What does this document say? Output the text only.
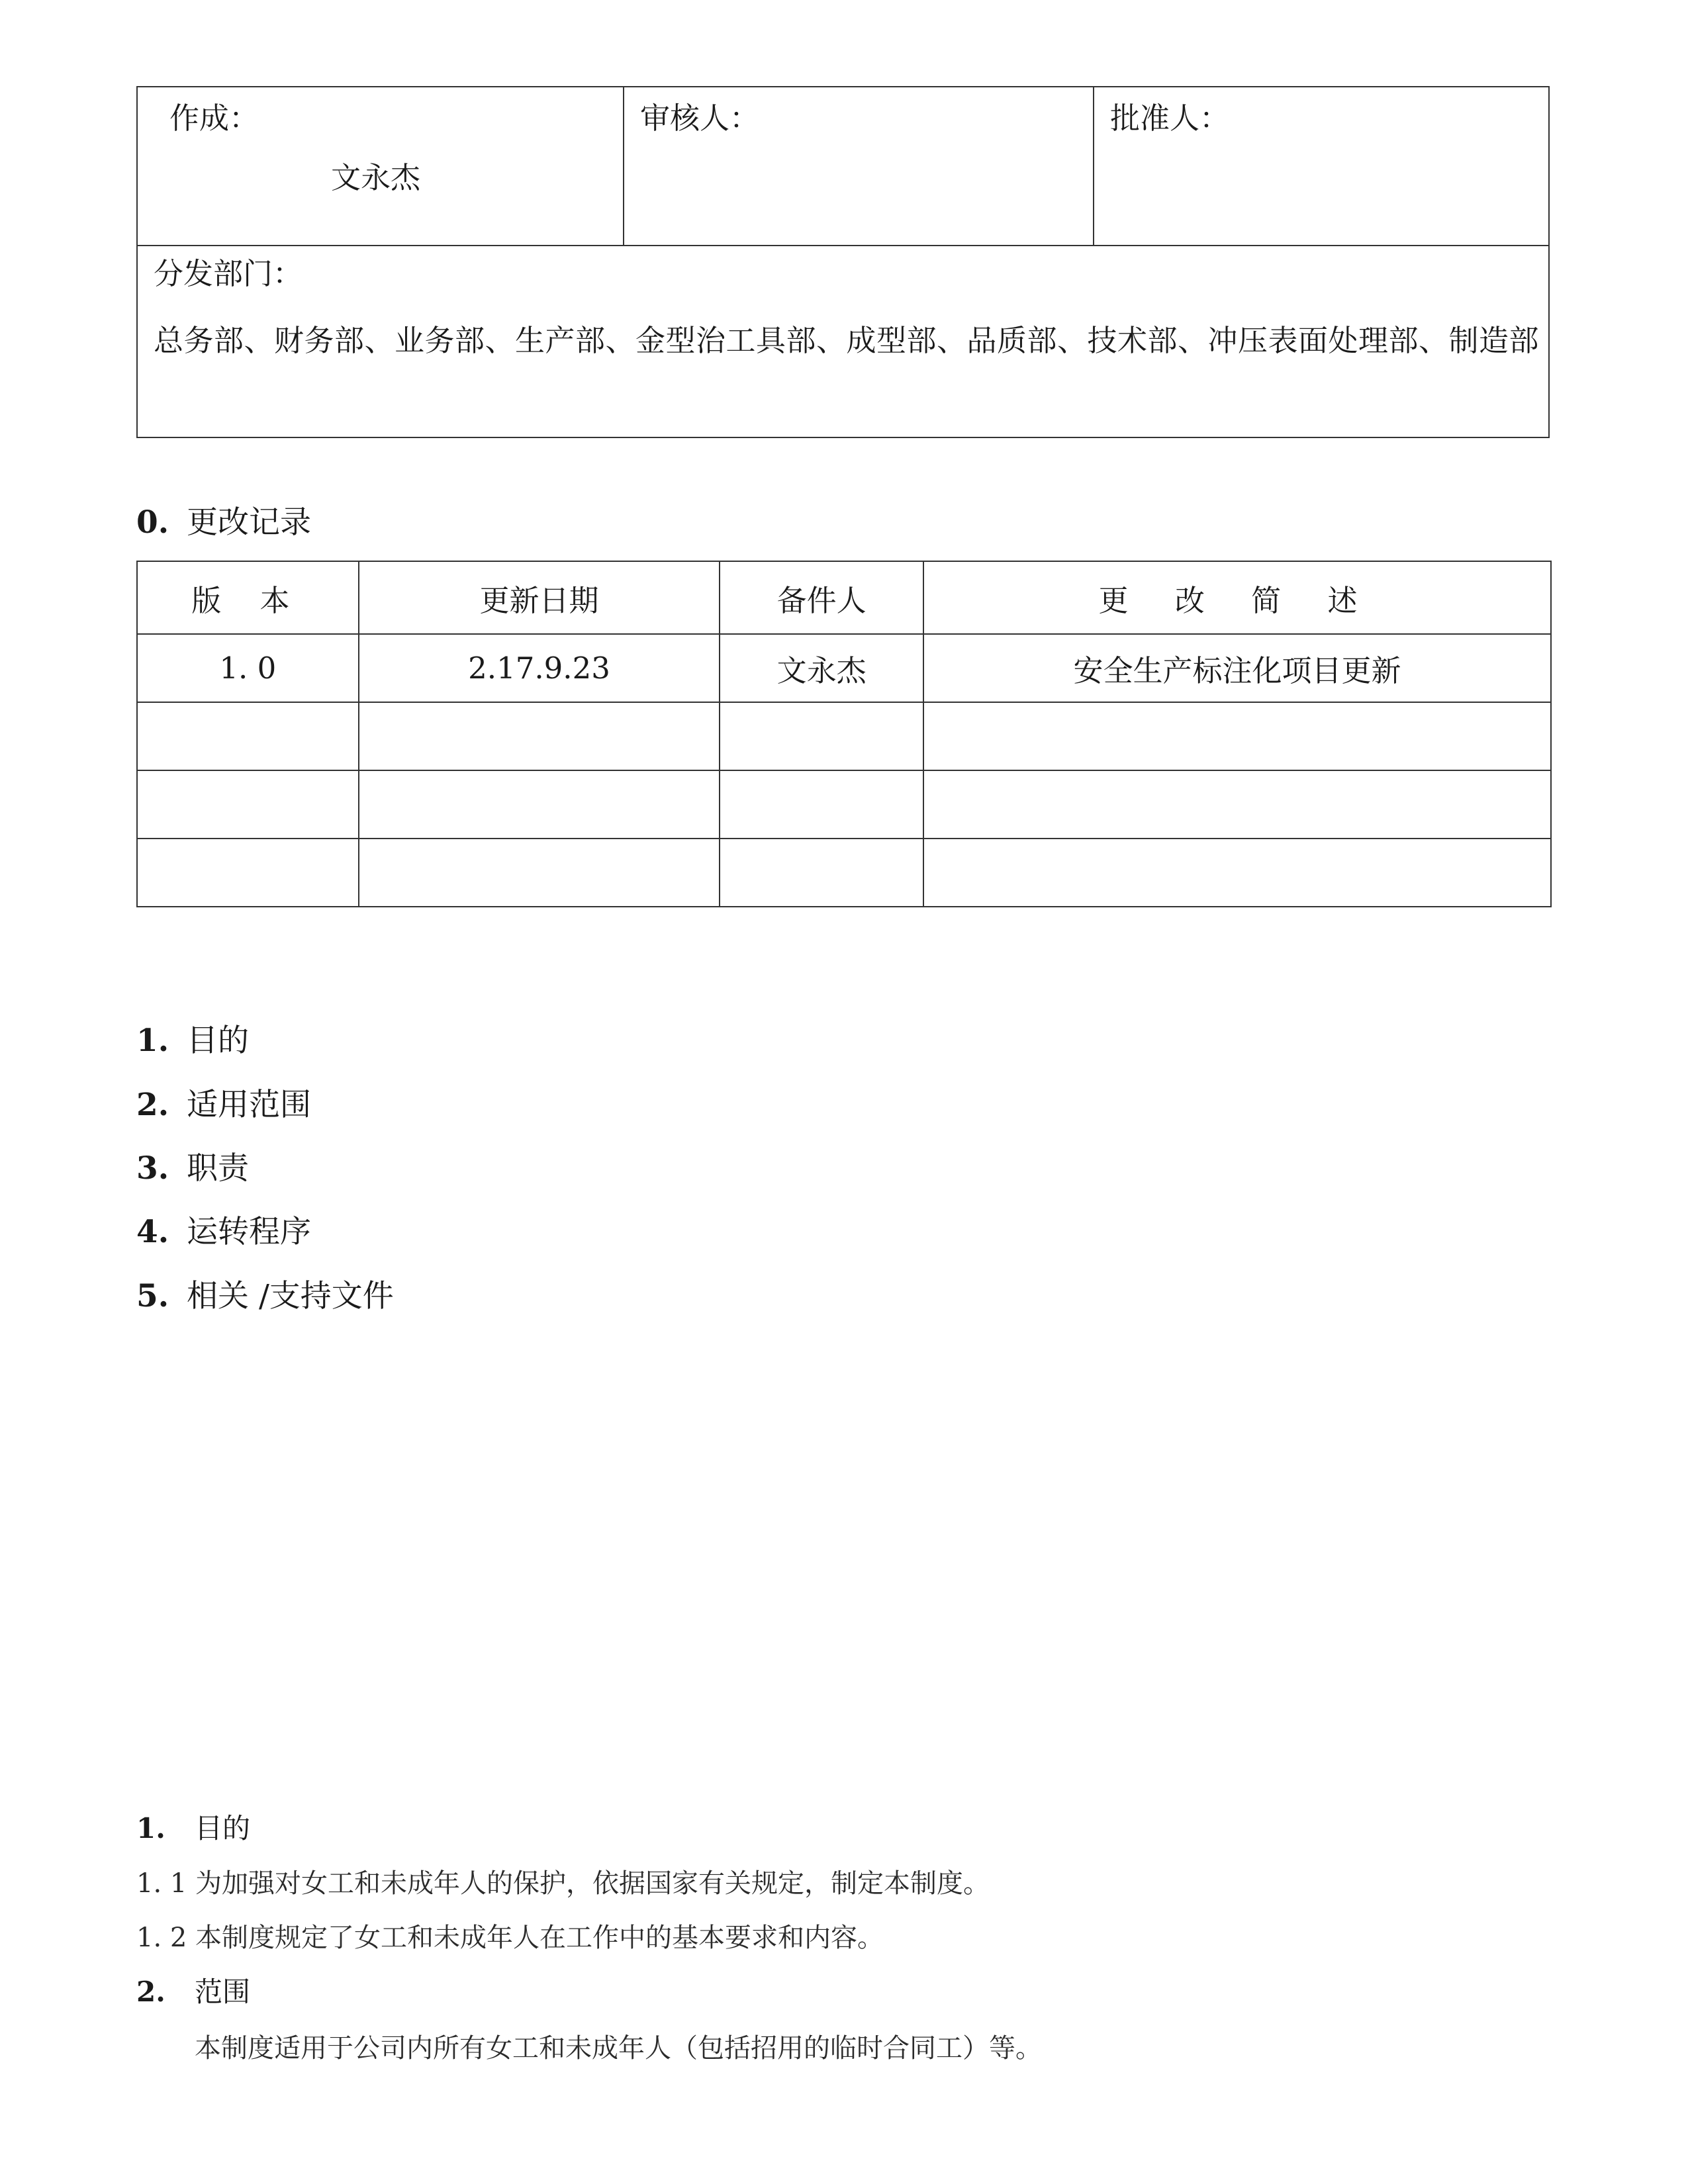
作成：
文永杰
审核人：	批准人：
分发部门：
总务部、财务部、业务部、生产部、金型治工具部、成型部、品质部、技术部、冲压表面处理部、制造部
0. 更改记录
版 本	更新日期	备件人	更 改 简 述
1. 0	2.17.9.23	文永杰	安全生产标注化项目更新

1. 目的
2. 适用范围
3. 职责
4. 运转程序
5. 相关 /支持文件
1. 目的
1. 1 为加强对女工和未成年人的保护，依据国家有关规定，制定本制度。
1. 2 本制度规定了女工和未成年人在工作中的基本要求和内容。
2. 范围
本制度适用于公司内所有女工和未成年人（包括招用的临时合同工）等。
